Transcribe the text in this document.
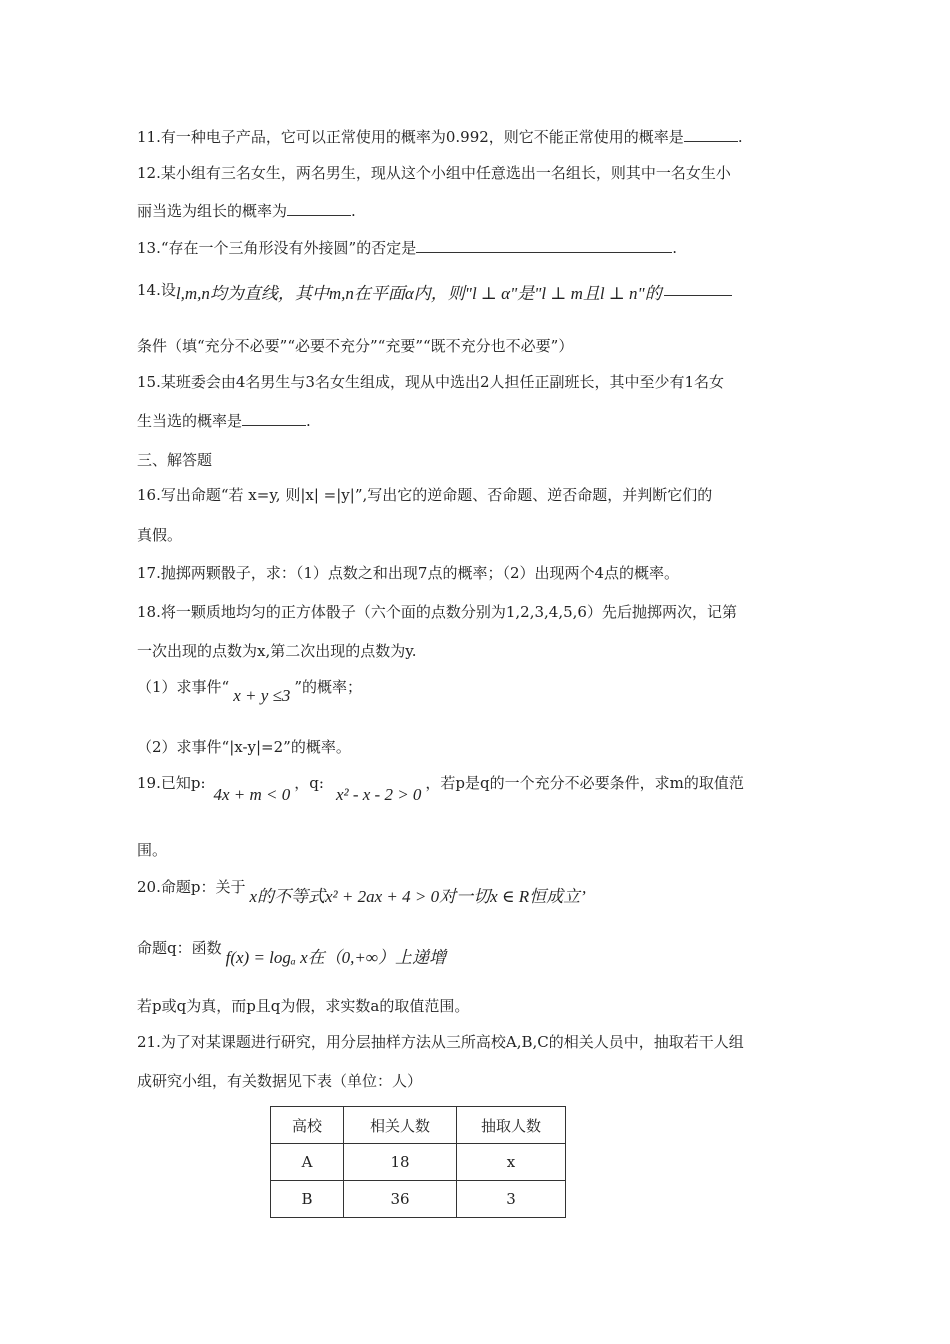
11.有一种电子产品，它可以正常使用的概率为0.992，则它不能正常使用的概率是	.
12.某小组有三名女生，两名男生，现从这个小组中任意选出一名组长，则其中一名女生小
丽当选为组长的概率为	.
13.“存在一个三角形没有外接圆”的否定是	.
14.设l,m,n均为直线，其中m,n在平面α内，则"l ⊥ α"是"l ⊥ m且l ⊥ n"的
条件（填“充分不必要”“必要不充分”“充要”“既不充分也不必要”）
15.某班委会由4名男生与3名女生组成，现从中选出2人担任正副班长，其中至少有1名女
生当选的概率是	.
三、解答题
16.写出命题“若 x=y, 则|x| =|y|”,写出它的逆命题、否命题、逆否命题，并判断它们的
真假。
17.抛掷两颗骰子，求：（1）点数之和出现7点的概率；（2）出现两个4点的概率。
18.将一颗质地均匀的正方体骰子（六个面的点数分别为1,2,3,4,5,6）先后抛掷两次，记第
一次出现的点数为x,第二次出现的点数为y.
（1）求事件“ x + y ≤3 ”的概率；
（2）求事件“|x-y|=2”的概率。
19.已知p:4x + m < 0，q:x² - x - 2 > 0，若p是q的一个充分不必要条件，求m的取值范
围。
20.命题p：关于 x的不等式x² + 2ax + 4 > 0对一切x ∈ R恒成立’
命题q：函数 f(x) = logₐ x在（0,+∞）上递增
若p或q为真，而p且q为假，求实数a的取值范围。
21.为了对某课题进行研究，用分层抽样方法从三所高校A,B,C的相关人员中，抽取若干人组
成研究小组，有关数据见下表（单位：人）
高校	相关人数	抽取人数
A	18	x
B	36	3
